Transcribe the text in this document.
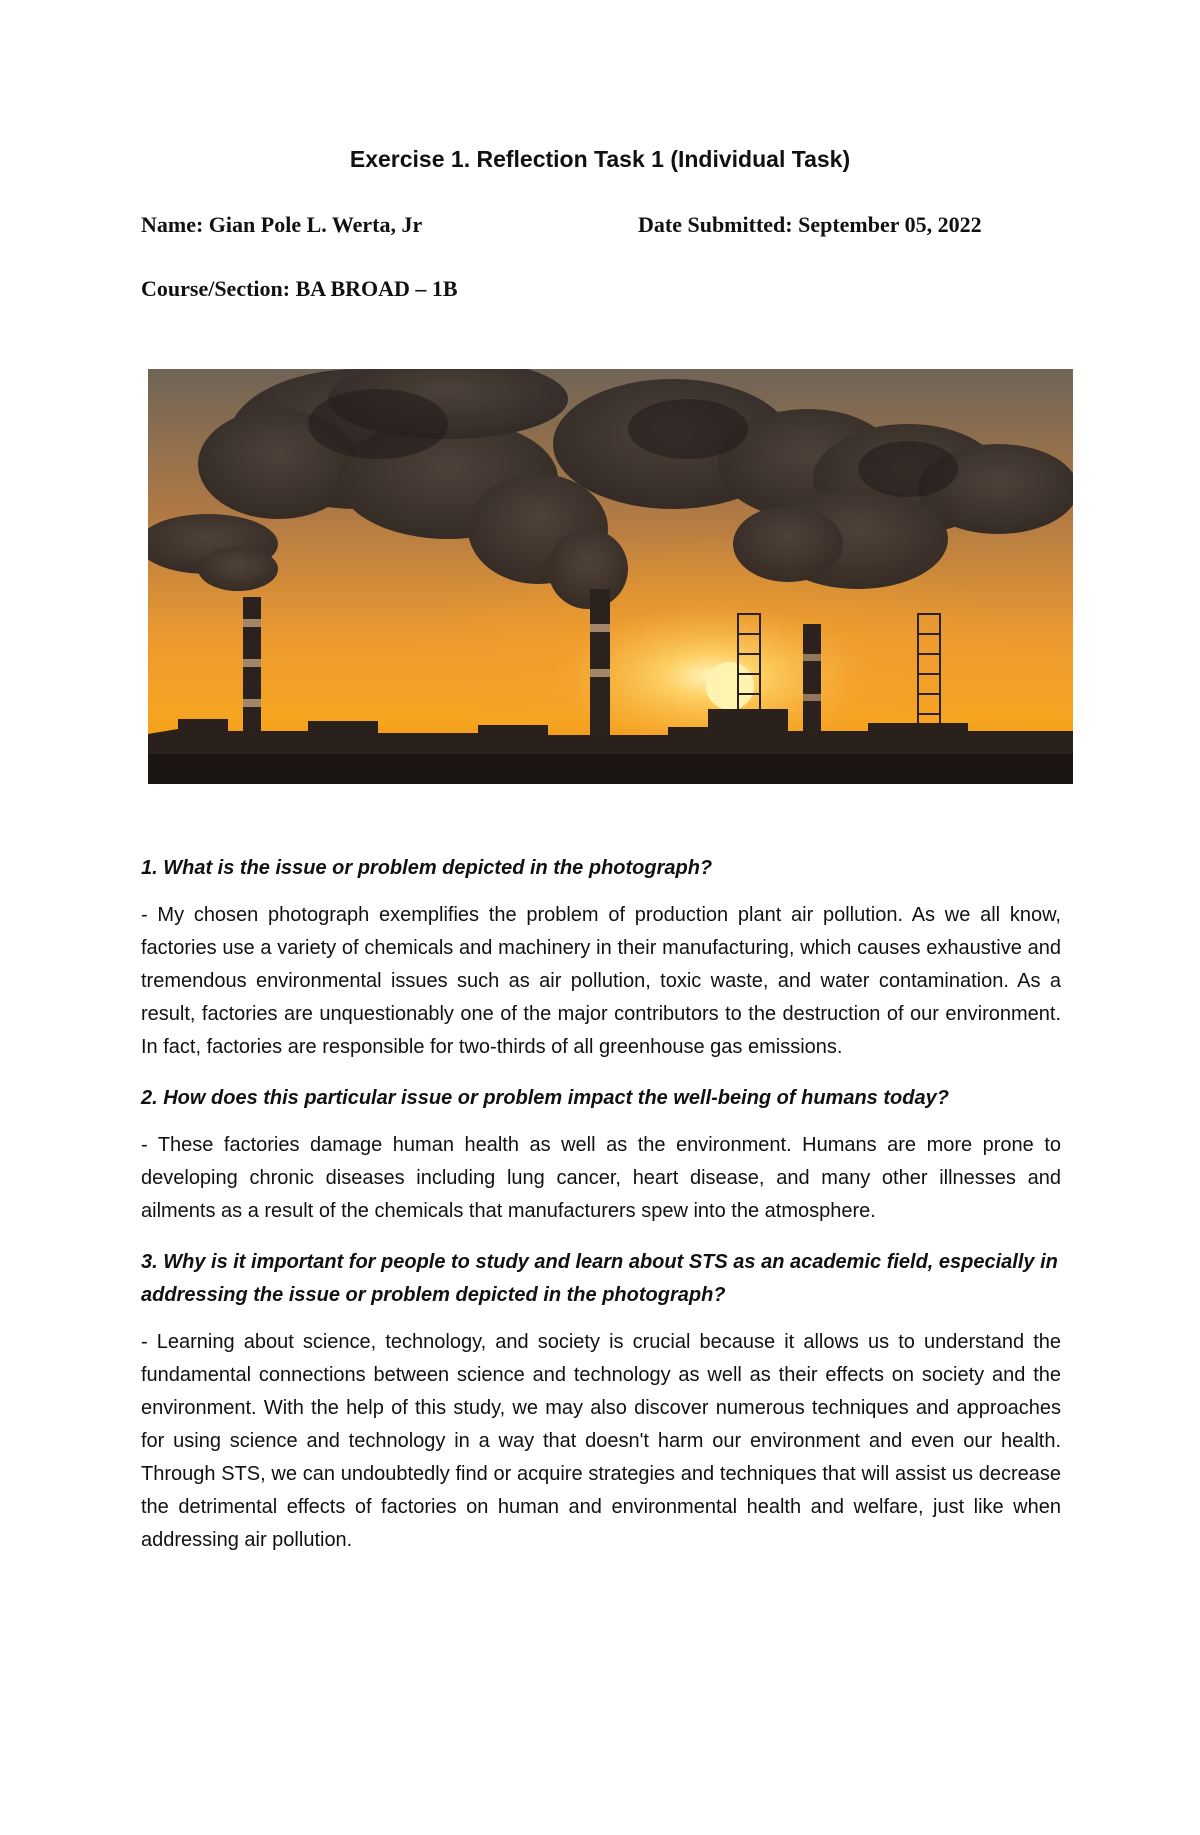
Exercise 1. Reflection Task 1 (Individual Task)
Name: Gian Pole L. Werta, Jr	Date Submitted: September 05, 2022
Course/Section: BA BROAD – 1B
1. What is the issue or problem depicted in the photograph?
- My chosen photograph exemplifies the problem of production plant air pollution. As we all know, factories use a variety of chemicals and machinery in their manufacturing, which causes exhaustive and tremendous environmental issues such as air pollution, toxic waste, and water contamination. As a result, factories are unquestionably one of the major contributors to the destruction of our environment. In fact, factories are responsible for two-thirds of all greenhouse gas emissions.
2. How does this particular issue or problem impact the well-being of humans today?
- These factories damage human health as well as the environment. Humans are more prone to developing chronic diseases including lung cancer, heart disease, and many other illnesses and ailments as a result of the chemicals that manufacturers spew into the atmosphere.
3. Why is it important for people to study and learn about STS as an academic field, especially in addressing the issue or problem depicted in the photograph?
- Learning about science, technology, and society is crucial because it allows us to understand the fundamental connections between science and technology as well as their effects on society and the environment. With the help of this study, we may also discover numerous techniques and approaches for using science and technology in a way that doesn't harm our environment and even our health. Through STS, we can undoubtedly find or acquire strategies and techniques that will assist us decrease the detrimental effects of factories on human and environmental health and welfare, just like when addressing air pollution.
